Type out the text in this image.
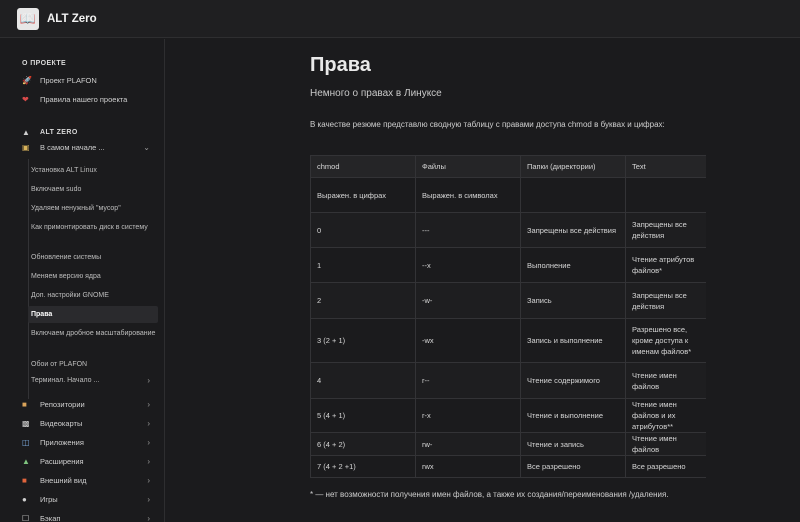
📖 ALT Zero
О ПРОЕКТЕ
🚀 Проект PLAFON
❤	Правила нашего проекта
▲ ALT ZERO
▣	В самом начале ...	⌄
Установка ALT Linux
Включаем sudo
Удаляем ненужный "мусор"
Как примонтировать диск в систему
Обновление системы
Меняем версию ядра
Доп. настройки GNOME
Права
Включаем дробное масштабирование
Обои от PLAFON
Терминал. Начало ...	›
■	Репозитории	›
▩	Видеокарты	›
◫	Приложения	›
▲ Расширения	›
■	Внешний вид	›
●	Игры	›
☐	Бэкап	›
Права
Немного о правах в Линуксе
В качестве резюме представлю сводную таблицу с правами доступа chmod в буквах и цифрах:
chmod	Файлы	Папки (директории)	Text
Выражен. в цифрах	Выражен. в символах		
0	---	Запрещены все действия	Запрещены все действия
1	--x	Выполнение	Чтение атрибутов файлов*
2	-w-	Запись	Запрещены все действия
3 (2 + 1)	-wx	Запись и выполнение	Разрешено все, кроме доступа к именам файлов*
4	r--	Чтение содержимого	Чтение имен файлов
5 (4 + 1)	r-x	Чтение и выполнение	Чтение имен файлов и их атрибутов**
6 (4 + 2)	rw-	Чтение и запись	Чтение имен файлов
7 (4 + 2 +1)	rwx	Все разрешено	Все разрешено
* — нет возможности получения имен файлов, а также их создания/переименования /удаления.
